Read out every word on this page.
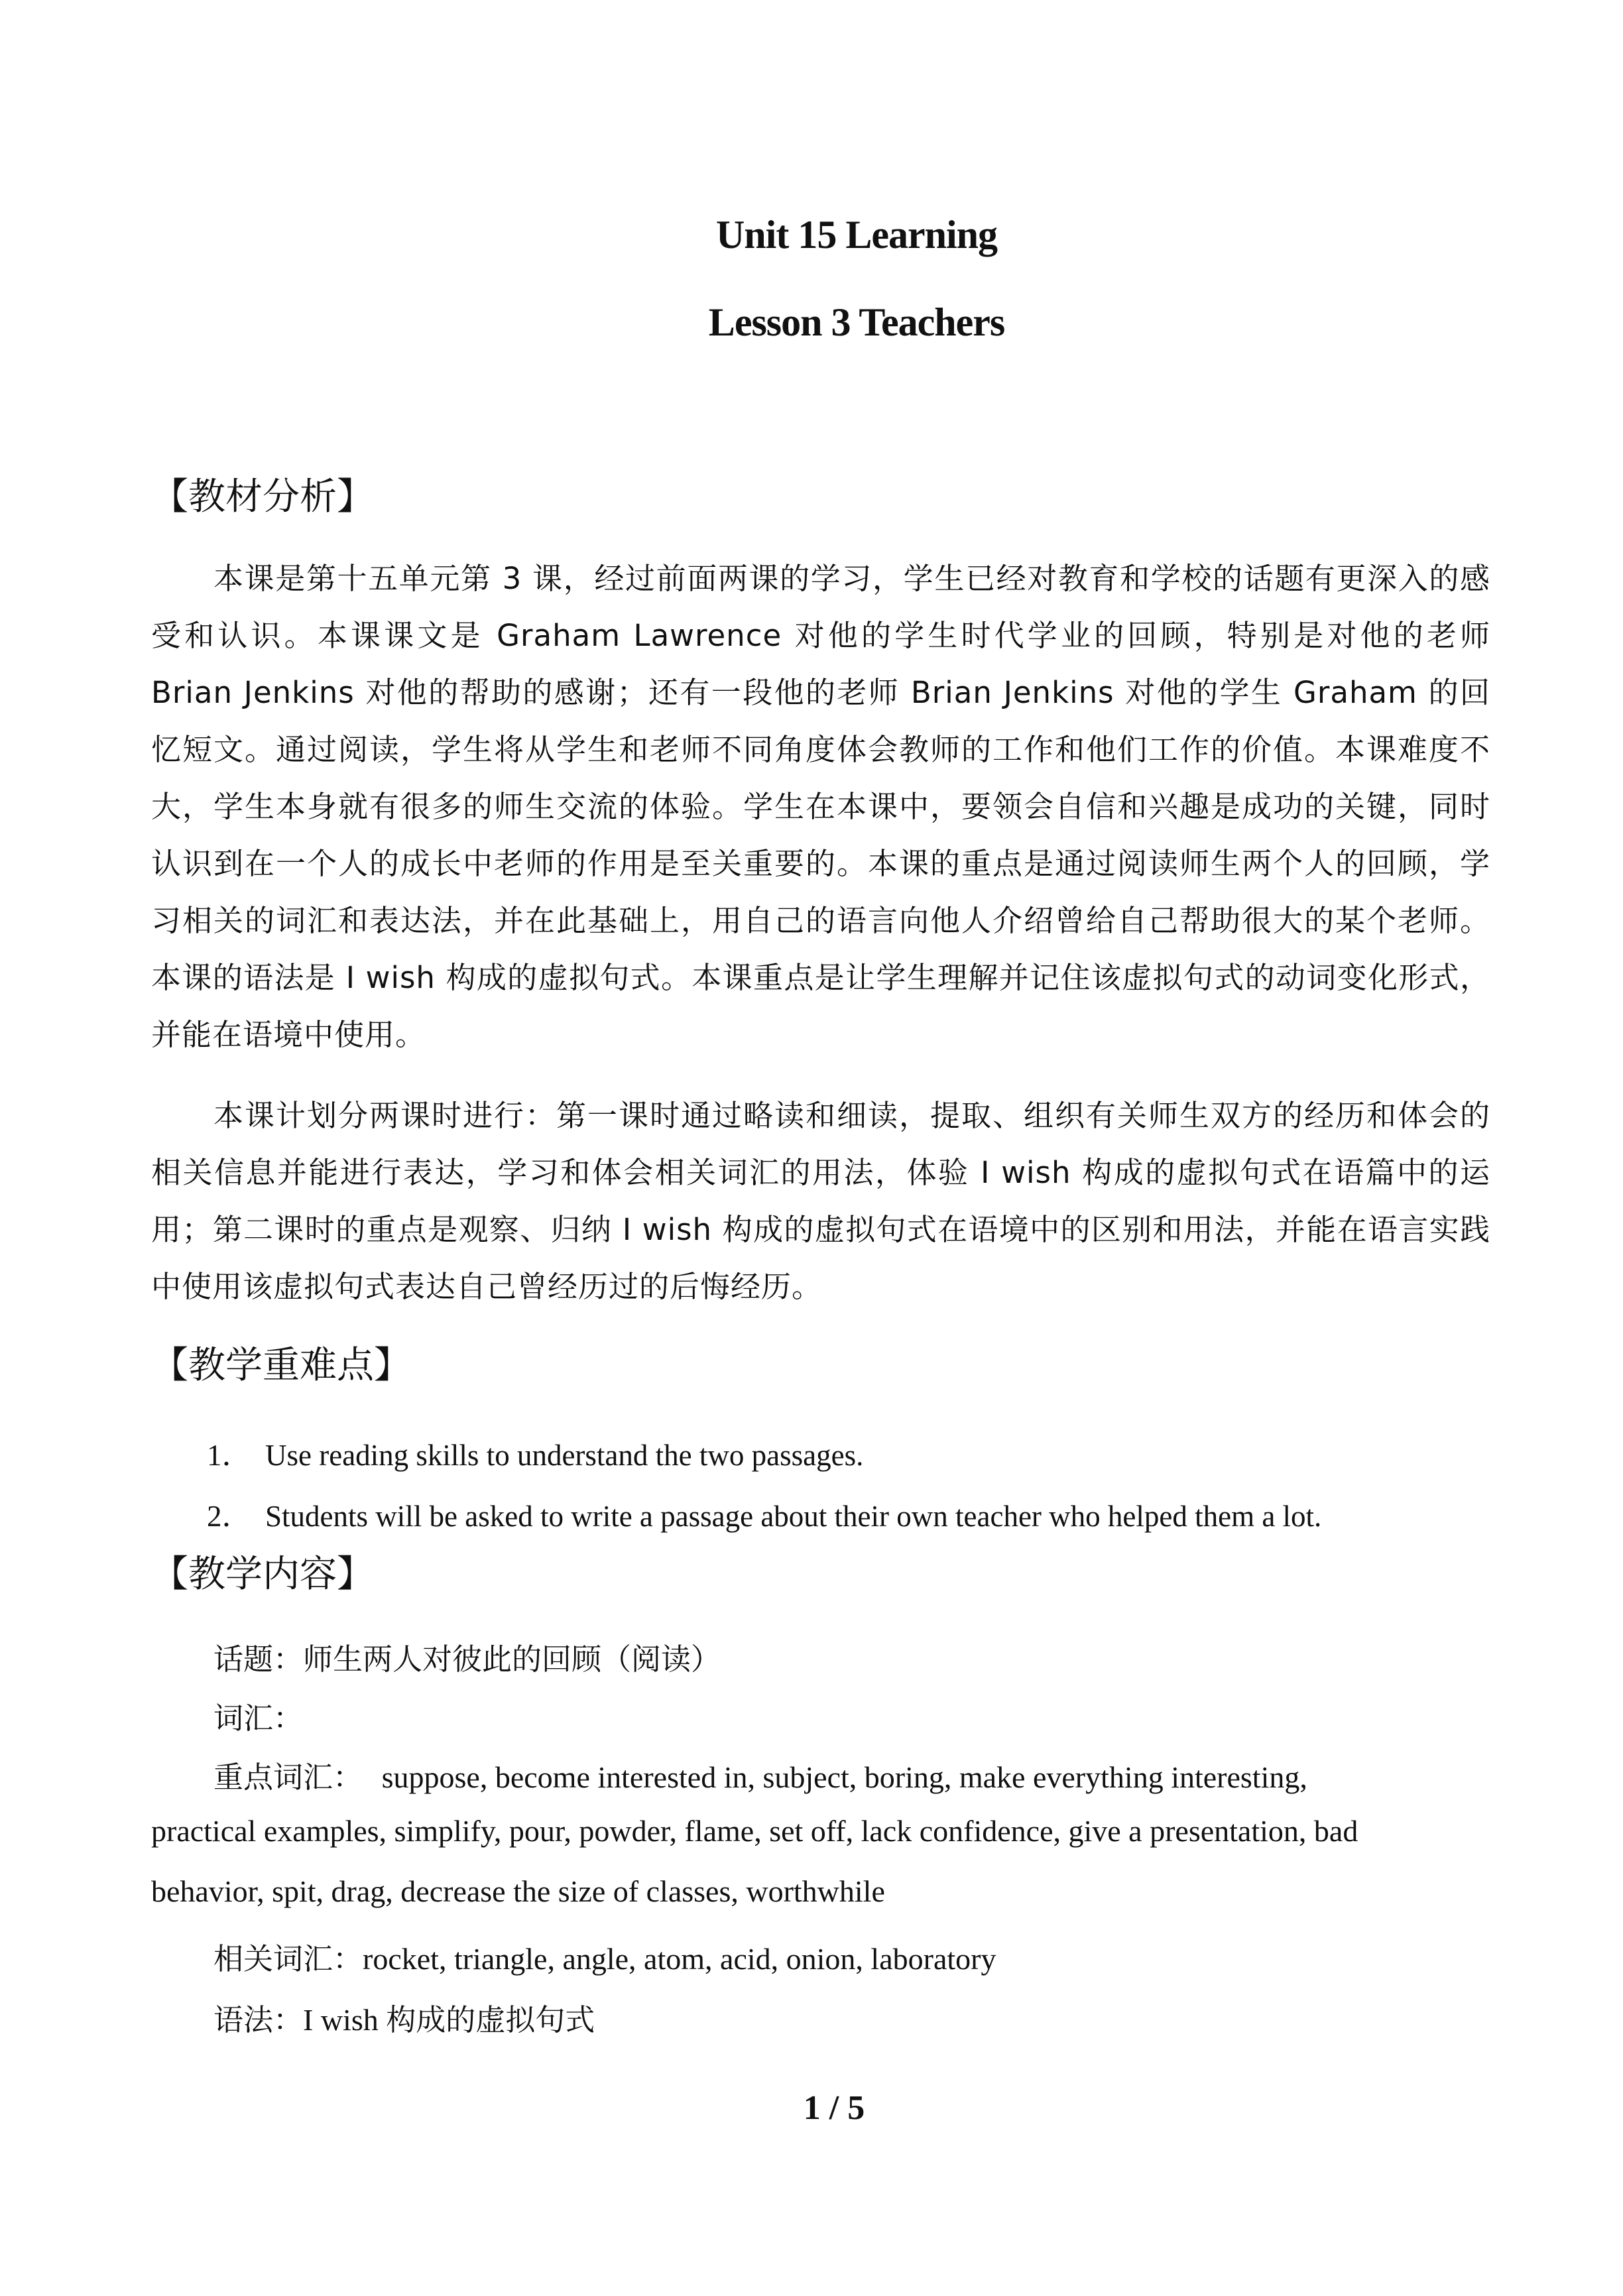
Unit 15 Learning
Lesson 3 Teachers
【教材分析】

本课是第十五单元第 3 课，经过前面两课的学习，学生已经对教育和学校的话题有更深入的感受和认识。本课课文是 Graham Lawrence 对他的学生时代学业的回顾，特别是对他的老师 Brian Jenkins 对他的帮助的感谢；还有一段他的老师 Brian Jenkins 对他的学生 Graham 的回忆短文。通过阅读，学生将从学生和老师不同角度体会教师的工作和他们工作的价值。本课难度不大，学生本身就有很多的师生交流的体验。学生在本课中，要领会自信和兴趣是成功的关键，同时认识到在一个人的成长中老师的作用是至关重要的。本课的重点是通过阅读师生两个人的回顾，学习相关的词汇和表达法，并在此基础上，用自己的语言向他人介绍曾给自己帮助很大的某个老师。本课的语法是 I wish 构成的虚拟句式。本课重点是让学生理解并记住该虚拟句式的动词变化形式，并能在语境中使用。

本课计划分两课时进行：第一课时通过略读和细读，提取、组织有关师生双方的经历和体会的相关信息并能进行表达，学习和体会相关词汇的用法，体验 I wish 构成的虚拟句式在语篇中的运用；第二课时的重点是观察、归纳 I wish 构成的虚拟句式在语境中的区别和用法，并能在语言实践中使用该虚拟句式表达自己曾经历过的后悔经历。

【教学重难点】
1． Use reading skills to understand the two passages.
2． Students will be asked to write a passage about their own teacher who helped them a lot.
【教学内容】
话题：师生两人对彼此的回顾（阅读）
词汇：
重点词汇： suppose, become interested in, subject, boring, make everything interesting,
practical examples, simplify, pour, powder, flame, set off, lack confidence, give a presentation, bad
behavior, spit, drag, decrease the size of classes, worthwhile
相关词汇：rocket, triangle, angle, atom, acid, onion, laboratory
语法：I wish 构成的虚拟句式
1 / 5
